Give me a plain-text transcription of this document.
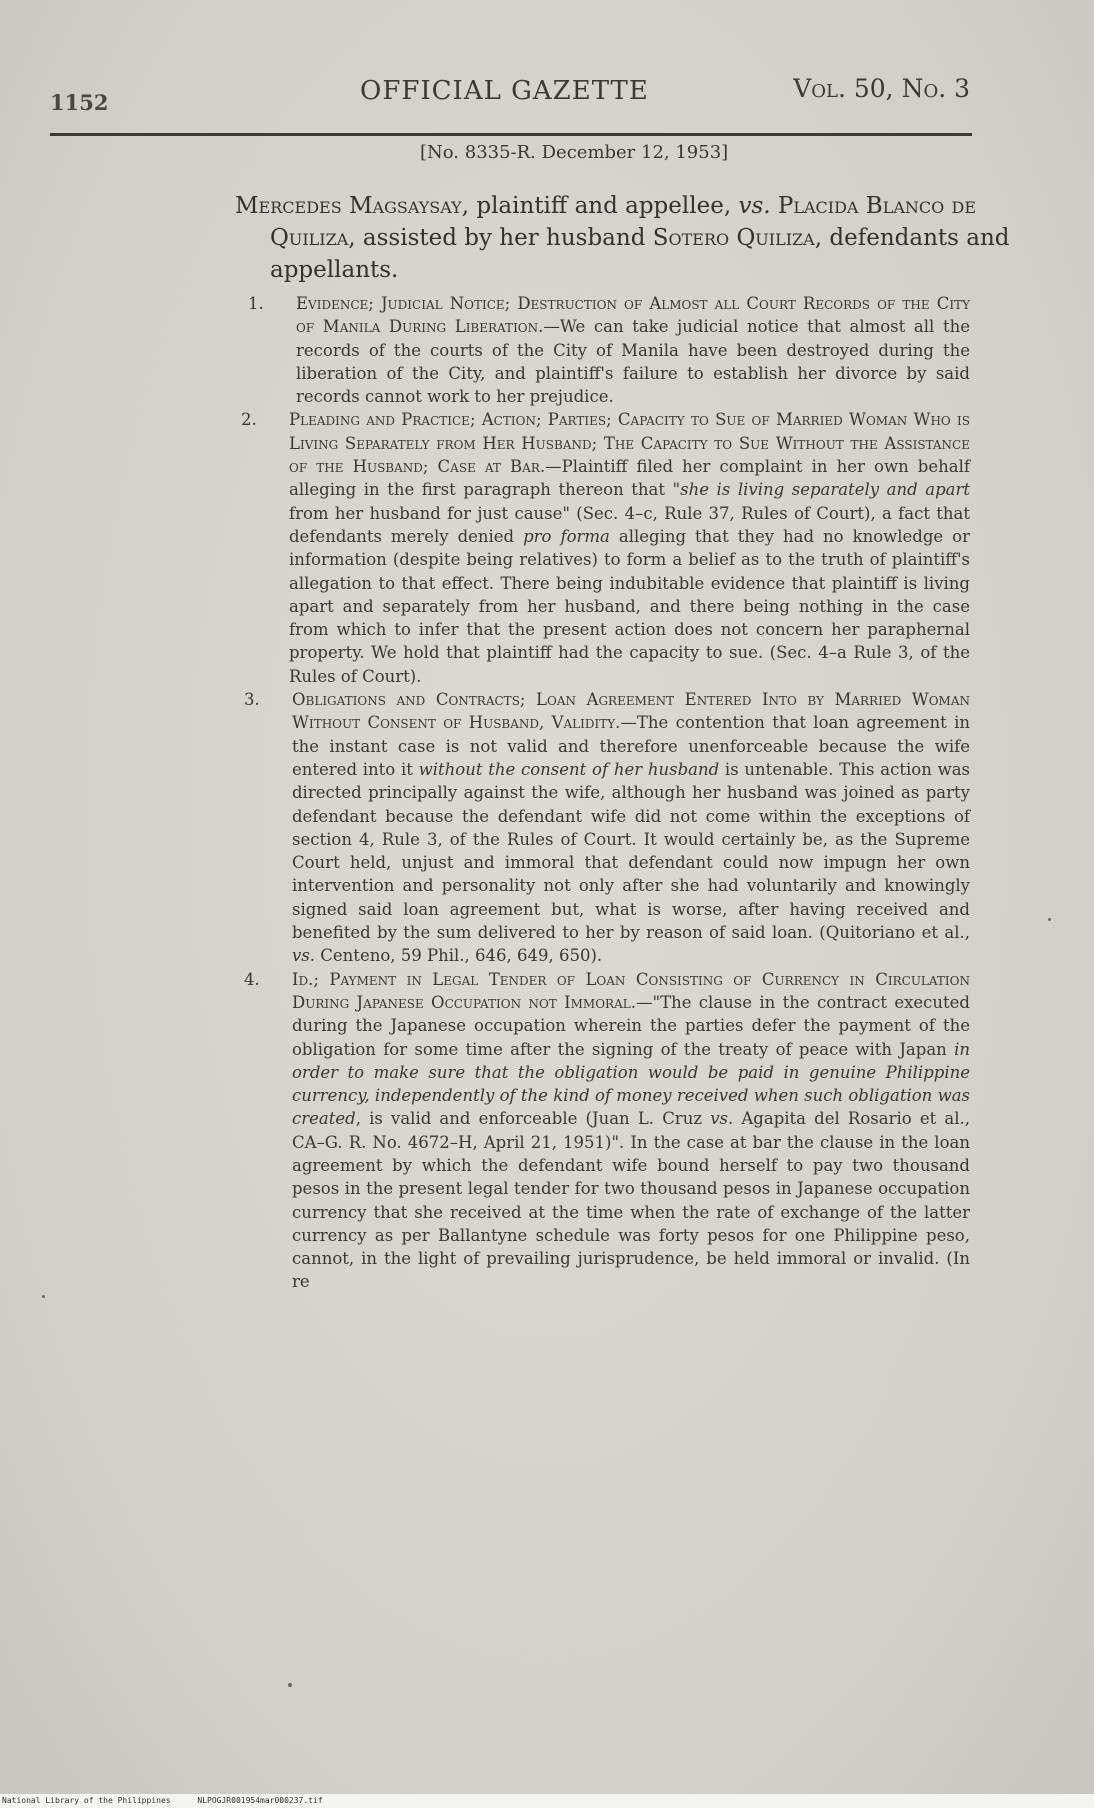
1152	OFFICIAL GAZETTE	Vol. 50, No. 3
[No. 8335-R. December 12, 1953]
Mercedes Magsaysay, plaintiff and appellee, vs. Placida Blanco de Quiliza, assisted by her husband Sotero Quiliza, defendants and appellants.
1. Evidence; Judicial Notice; Destruction of Almost all Court Records of the City of Manila During Liberation.—We can take judicial notice that almost all the records of the courts of the City of Manila have been destroyed during the liberation of the City, and plaintiff's failure to establish her divorce by said records cannot work to her prejudice.
2. Pleading and Practice; Action; Parties; Capacity to Sue of Married Woman Who is Living Separately from Her Husband; The Capacity to Sue Without the Assistance of the Husband; Case at Bar.—Plaintiff filed her complaint in her own behalf alleging in the first paragraph thereon that "she is living separately and apart from her husband for just cause" (Sec. 4–c, Rule 37, Rules of Court), a fact that defendants merely denied pro forma alleging that they had no knowledge or information (despite being relatives) to form a belief as to the truth of plaintiff's allegation to that effect. There being indubitable evidence that plaintiff is living apart and separately from her husband, and there being nothing in the case from which to infer that the present action does not concern her paraphernal property. We hold that plaintiff had the capacity to sue. (Sec. 4–a Rule 3, of the Rules of Court).
3. Obligations and Contracts; Loan Agreement Entered Into by Married Woman Without Consent of Husband, Validity.—The contention that loan agreement in the instant case is not valid and therefore unenforceable because the wife entered into it without the consent of her husband is untenable. This action was directed principally against the wife, although her husband was joined as party defendant because the defendant wife did not come within the exceptions of section 4, Rule 3, of the Rules of Court. It would certainly be, as the Supreme Court held, unjust and immoral that defendant could now impugn her own intervention and personality not only after she had voluntarily and knowingly signed said loan agreement but, what is worse, after having received and benefited by the sum delivered to her by reason of said loan. (Quitoriano et al., vs. Centeno, 59 Phil., 646, 649, 650).
4. Id.; Payment in Legal Tender of Loan Consisting of Currency in Circulation During Japanese Occupation not Immoral.—"The clause in the contract executed during the Japanese occupation wherein the parties defer the payment of the obligation for some time after the signing of the treaty of peace with Japan in order to make sure that the obligation would be paid in genuine Philippine currency, independently of the kind of money received when such obligation was created, is valid and enforceable (Juan L. Cruz vs. Agapita del Rosario et al., CA–G. R. No. 4672–H, April 21, 1951)". In the case at bar the clause in the loan agreement by which the defendant wife bound herself to pay two thousand pesos in the present legal tender for two thousand pesos in Japanese occupation currency that she received at the time when the rate of exchange of the latter currency as per Ballantyne schedule was forty pesos for one Philippine peso, cannot, in the light of prevailing jurisprudence, be held immoral or invalid. (In re
National Library of the Philippines	NLPOGJR001954mar000237.tif
